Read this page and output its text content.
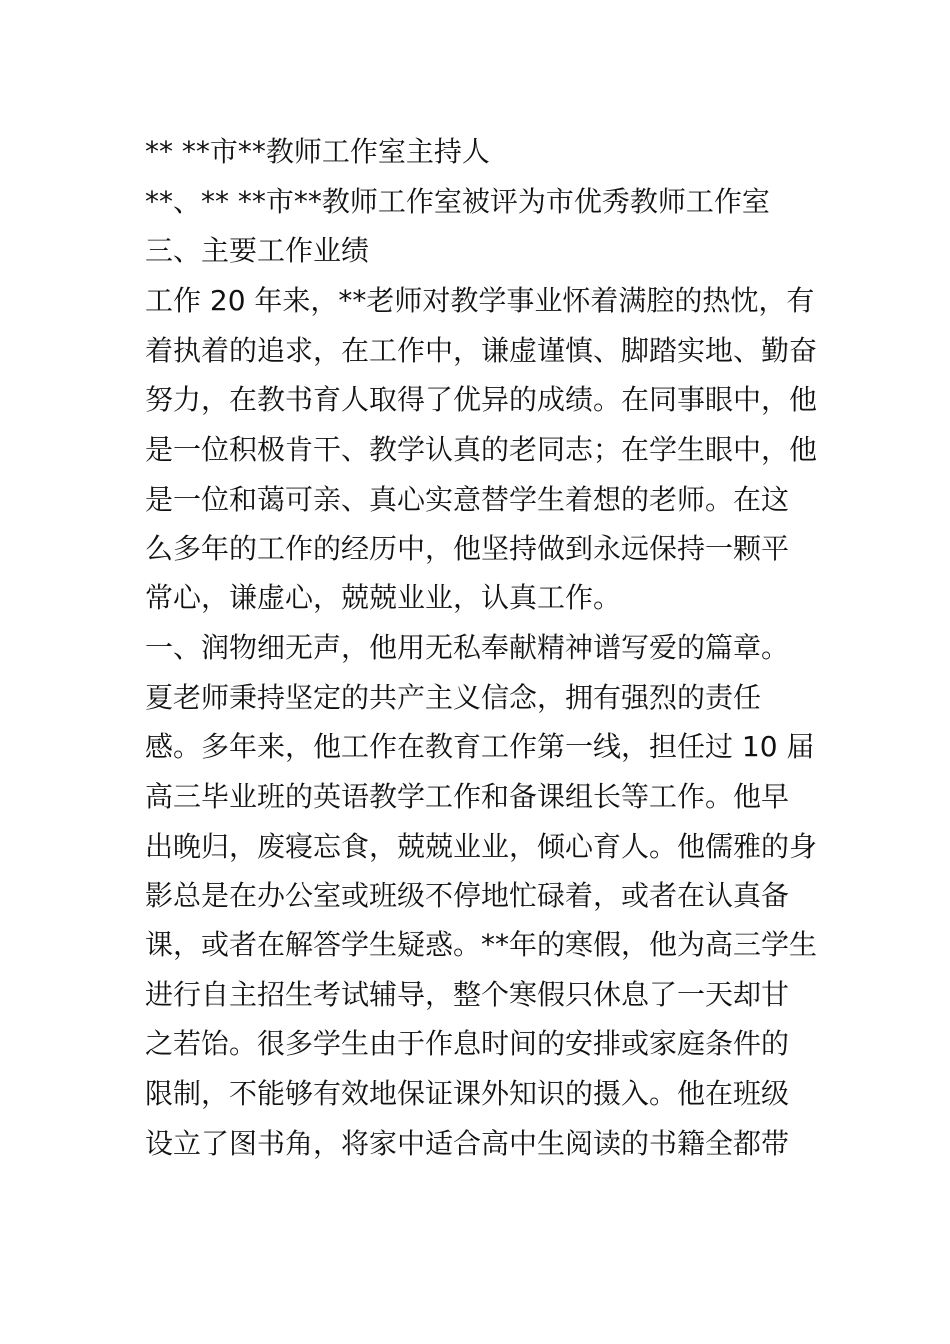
** **市**教师工作室主持人
**、** **市**教师工作室被评为市优秀教师工作室
三、主要工作业绩
工作 20 年来，**老师对教学事业怀着满腔的热忱，有
着执着的追求，在工作中，谦虚谨慎、脚踏实地、勤奋
努力，在教书育人取得了优异的成绩。在同事眼中，他
是一位积极肯干、教学认真的老同志；在学生眼中，他
是一位和蔼可亲、真心实意替学生着想的老师。在这
么多年的工作的经历中，他坚持做到永远保持一颗平
常心，谦虚心，兢兢业业，认真工作。
一、润物细无声，他用无私奉献精神谱写爱的篇章。
夏老师秉持坚定的共产主义信念，拥有强烈的责任
感。多年来，他工作在教育工作第一线，担任过 10 届
高三毕业班的英语教学工作和备课组长等工作。他早
出晚归，废寝忘食，兢兢业业，倾心育人。他儒雅的身
影总是在办公室或班级不停地忙碌着，或者在认真备
课，或者在解答学生疑惑。**年的寒假，他为高三学生
进行自主招生考试辅导，整个寒假只休息了一天却甘
之若饴。很多学生由于作息时间的安排或家庭条件的
限制，不能够有效地保证课外知识的摄入。他在班级
设立了图书角，将家中适合高中生阅读的书籍全都带
